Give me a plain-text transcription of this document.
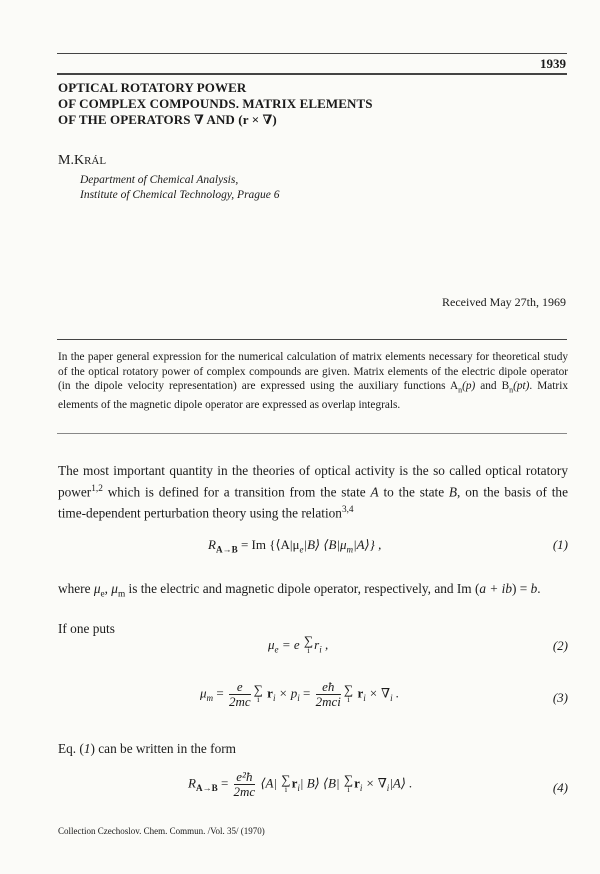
1939
OPTICAL ROTATORY POWER
OF COMPLEX COMPOUNDS. MATRIX ELEMENTS
OF THE OPERATORS ∇ AND (r × ∇)
M.KRÁL
Department of Chemical Analysis,
Institute of Chemical Technology, Prague 6
Received May 27th, 1969
In the paper general expression for the numerical calculation of matrix elements necessary for theoretical study of the optical rotatory power of complex compounds are given. Matrix elements of the electric dipole operator (in the dipole velocity representation) are expressed using the auxiliary functions $A_n(p)$ and $B_n(pt)$. Matrix elements of the magnetic dipole operator are expressed as overlap integrals.
The most important quantity in the theories of optical activity is the so called optical rotatory power$^{1,2}$ which is defined for a transition from the state A to the state B, on the basis of the time-dependent perturbation theory using the relation$^{3,4}$
$R_{A\to B} = Im$ {$⟨A|\mu_e|B⟩$ $⟨B|\mu_m|A⟩$} ,	(1)
where $\mu_e$, $\mu_m$ is the electric and magnetic dipole operator, respectively, and Im (a + ib) = b.
If one puts
$\mu_e = e$ ∑
i $r_i$ ,	(2)
$\mu_m = \frac{e}{2mc}$ ∑
i $r_i \times p_i = \frac{eħ}{\text{2mci}}$ ∑
i $r_i \times \nabla_i$ .	(3)
Eq. (1) can be written in the form
$R_{A\to B} = \frac{\text{e²ħ}}{2mc}$ ⟨A| ∑
i $r_i|$ B⟩ ⟨B| ∑
i $r_i$ × $\nabla_i|A⟩$ .	(4)
Collection Czechoslov. Chem. Commun. /Vol. 35/ (1970)
